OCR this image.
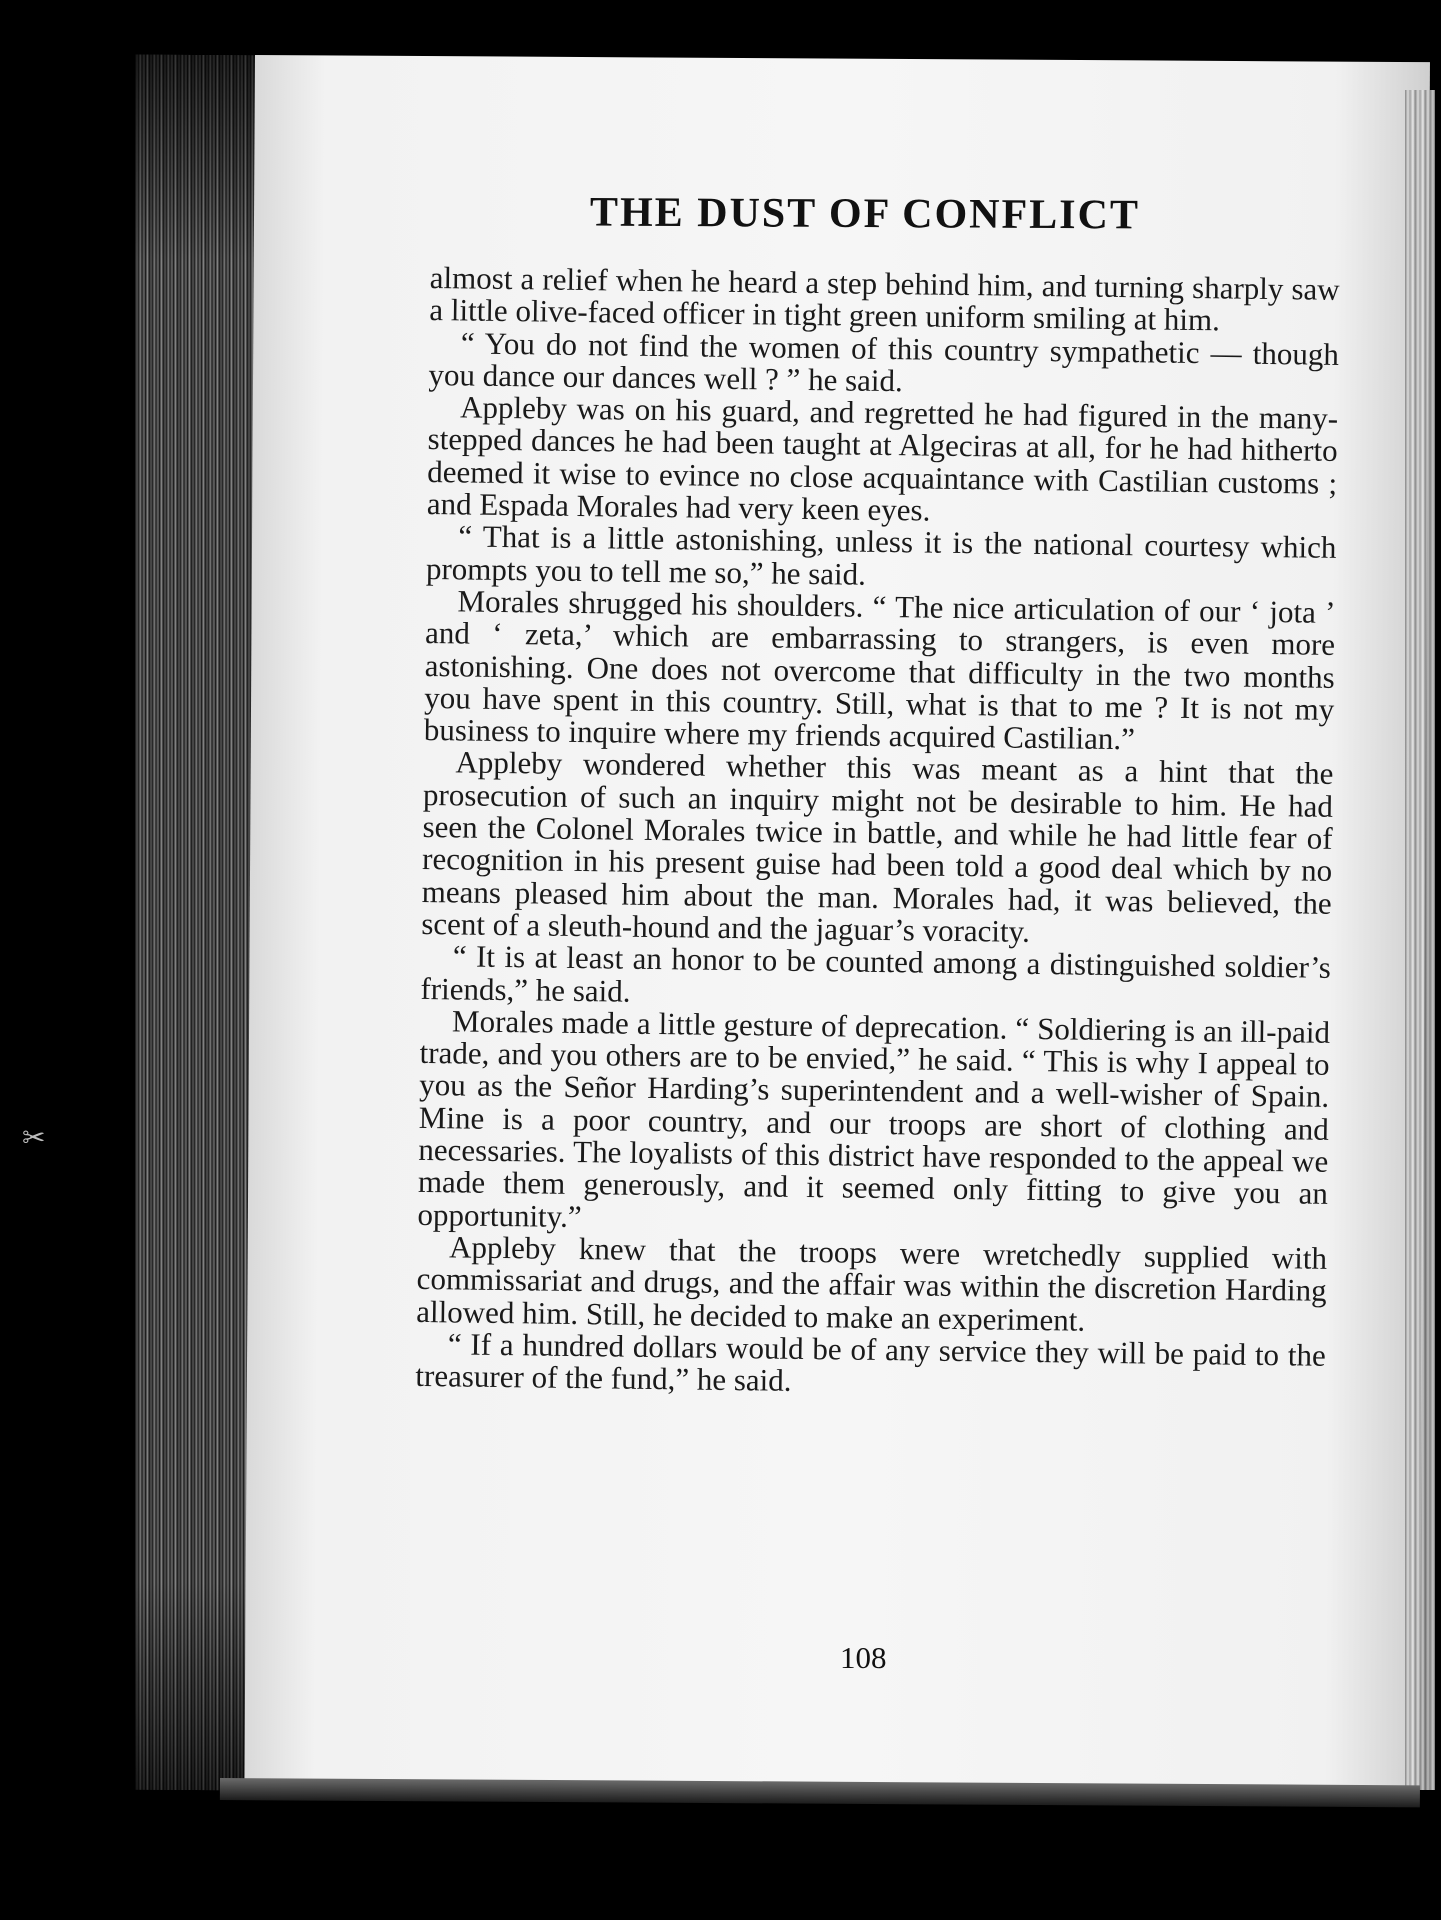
✂
THE DUST OF CONFLICT

almost a relief when he heard a step behind him, and turning sharply saw a little olive-faced officer in tight green uniform smiling at him.

“ You do not find the women of this country sympathetic — though you dance our dances well ? ” he said.

Appleby was on his guard, and regretted he had figured in the many-stepped dances he had been taught at Algeciras at all, for he had hitherto deemed it wise to evince no close acquaintance with Castilian customs ; and Espada Morales had very keen eyes.

“ That is a little astonishing, unless it is the national courtesy which prompts you to tell me so,” he said.

Morales shrugged his shoulders. “ The nice articulation of our ‘ jota ’ and ‘ zeta,’ which are embarrassing to strangers, is even more astonishing. One does not overcome that difficulty in the two months you have spent in this country. Still, what is that to me ? It is not my business to inquire where my friends acquired Castilian.”

Appleby wondered whether this was meant as a hint that the prosecution of such an inquiry might not be desirable to him. He had seen the Colonel Morales twice in battle, and while he had little fear of recognition in his present guise had been told a good deal which by no means pleased him about the man. Morales had, it was believed, the scent of a sleuth-hound and the jaguar’s voracity.

“ It is at least an honor to be counted among a distinguished soldier’s friends,” he said.

Morales made a little gesture of deprecation. “ Soldiering is an ill-paid trade, and you others are to be envied,” he said. “ This is why I appeal to you as the Señor Harding’s superintendent and a well-wisher of Spain. Mine is a poor country, and our troops are short of clothing and necessaries. The loyalists of this district have responded to the appeal we made them generously, and it seemed only fitting to give you an opportunity.”

Appleby knew that the troops were wretchedly supplied with commissariat and drugs, and the affair was within the discretion Harding allowed him. Still, he decided to make an experiment.

“ If a hundred dollars would be of any service they will be paid to the treasurer of the fund,” he said.

108
